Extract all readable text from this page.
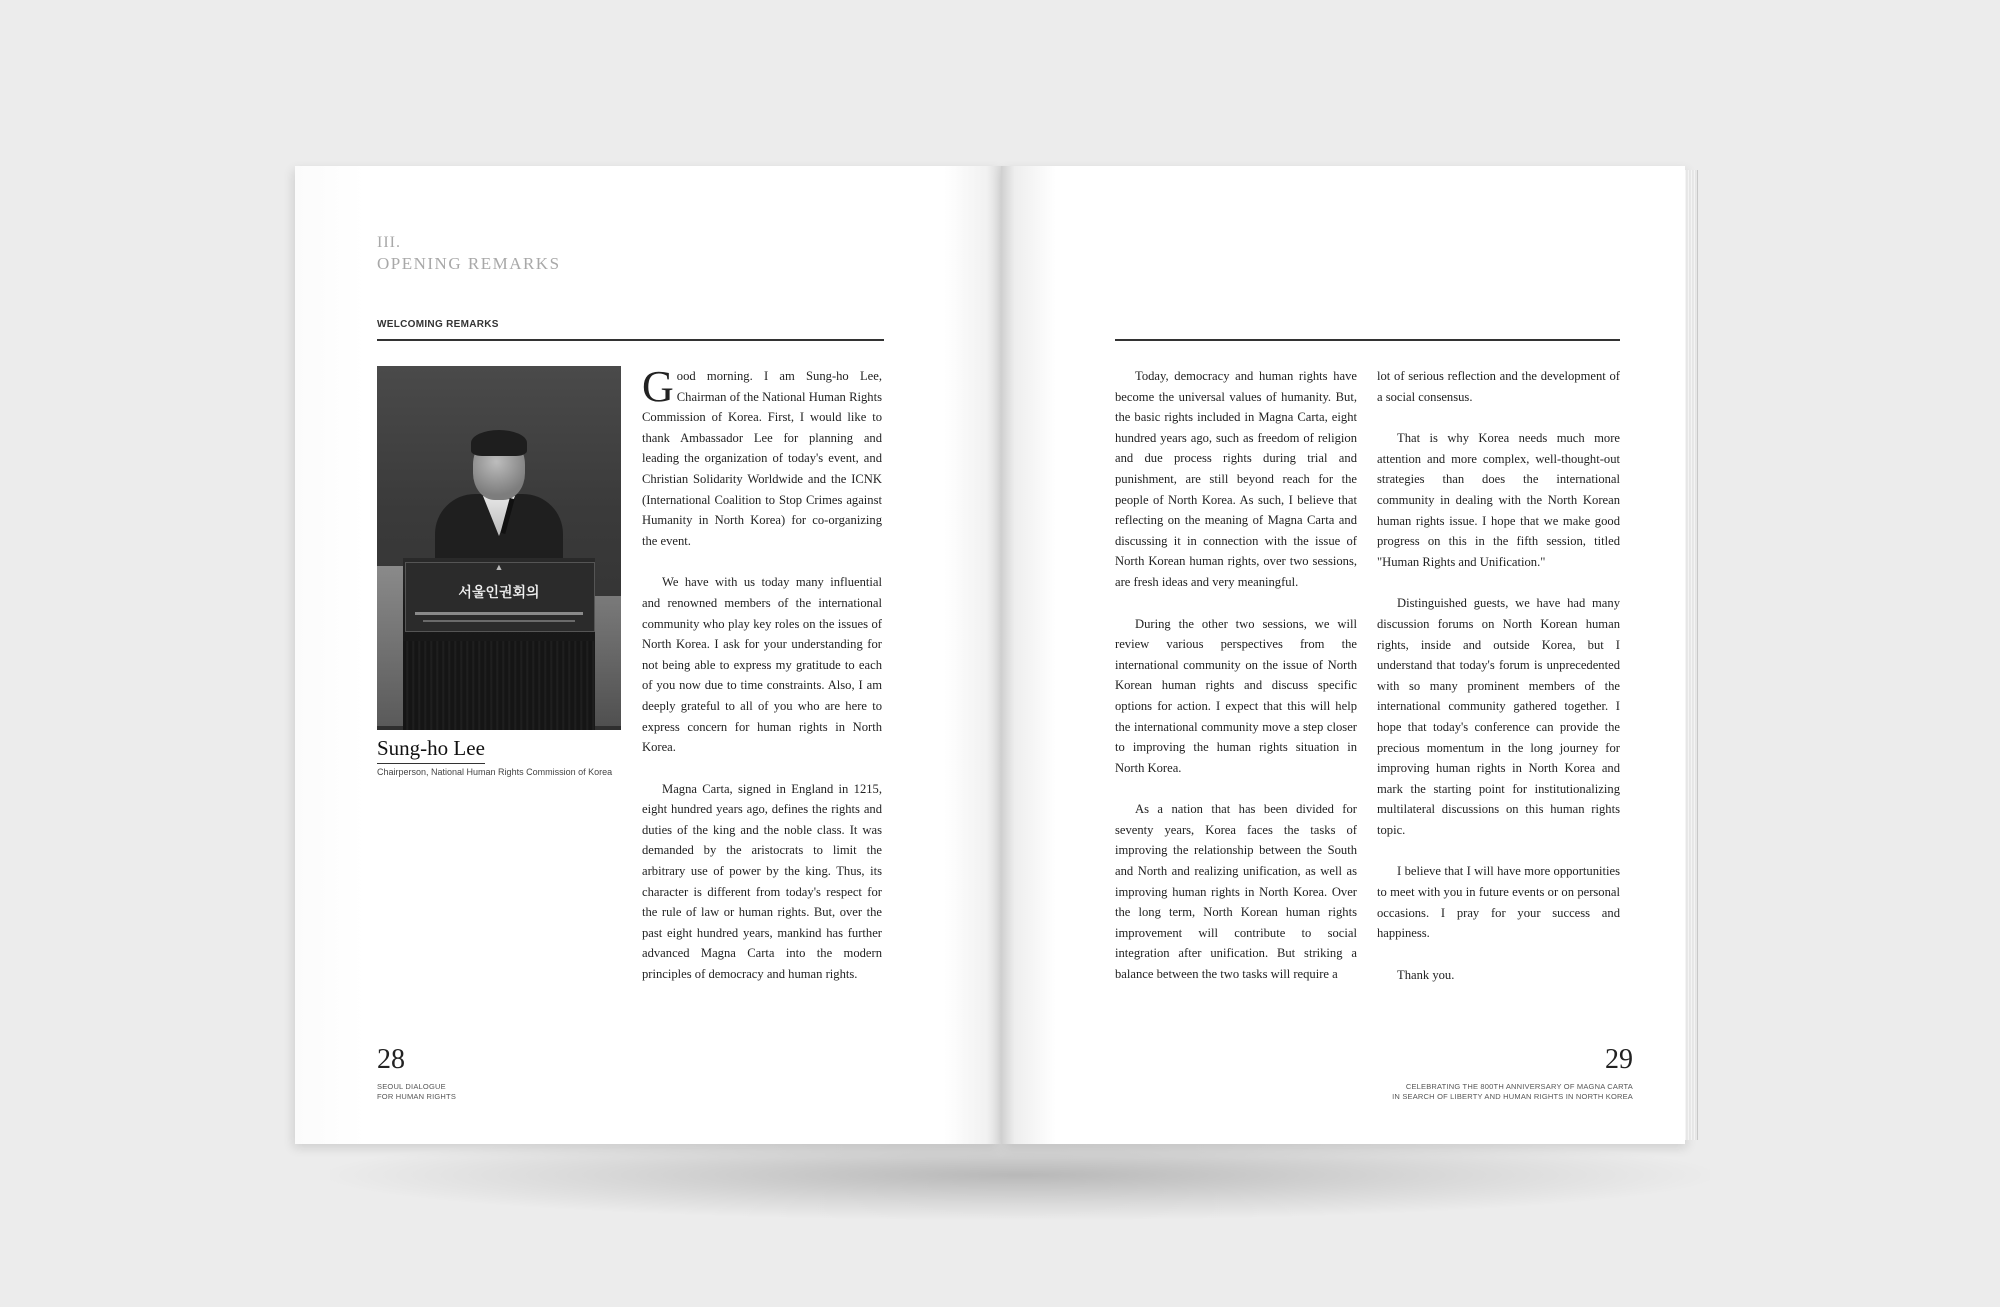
III.
OPENING REMARKS
WELCOMING REMARKS
▲
서울인권회의
Sung-ho Lee
Chairperson, National Human Rights Commission of Korea

Good morning. I am Sung-ho Lee, Chairman of the National Human Rights Commission of Korea. First, I would like to thank Ambassador Lee for planning and leading the organization of today's event, and Christian Solidarity Worldwide and the ICNK (International Coalition to Stop Crimes against Humanity in North Korea) for co-organizing the event.

We have with us today many influential and renowned members of the international community who play key roles on the issues of North Korea. I ask for your understanding for not being able to express my gratitude to each of you now due to time constraints. Also, I am deeply grateful to all of you who are here to express concern for human rights in North Korea.

Magna Carta, signed in England in 1215, eight hundred years ago, defines the rights and duties of the king and the noble class. It was demanded by the aristocrats to limit the arbitrary use of power by the king. Thus, its character is different from today's respect for the rule of law or human rights. But, over the past eight hundred years, mankind has further advanced Magna Carta into the modern principles of democracy and human rights.

28
SEOUL DIALOGUE
FOR HUMAN RIGHTS

Today, democracy and human rights have become the universal values of humanity. But, the basic rights included in Magna Carta, eight hundred years ago, such as freedom of religion and due process rights during trial and punishment, are still beyond reach for the people of North Korea. As such, I believe that reflecting on the meaning of Magna Carta and discussing it in connection with the issue of North Korean human rights, over two sessions, are fresh ideas and very meaningful.

During the other two sessions, we will review various perspectives from the international community on the issue of North Korean human rights and discuss specific options for action. I expect that this will help the international community move a step closer to improving the human rights situation in North Korea.

As a nation that has been divided for seventy years, Korea faces the tasks of improving the relationship between the South and North and realizing unification, as well as improving human rights in North Korea. Over the long term, North Korean human rights improvement will contribute to social integration after unification. But striking a balance between the two tasks will require a

lot of serious reflection and the development of a social consensus.

That is why Korea needs much more attention and more complex, well-thought-out strategies than does the international community in dealing with the North Korean human rights issue. I hope that we make good progress on this in the fifth session, titled "Human Rights and Unification."

Distinguished guests, we have had many discussion forums on North Korean human rights, inside and outside Korea, but I understand that today's forum is unprecedented with so many prominent members of the international community gathered together. I hope that today's conference can provide the precious momentum in the long journey for improving human rights in North Korea and mark the starting point for institutionalizing multilateral discussions on this human rights topic.

I believe that I will have more opportunities to meet with you in future events or on personal occasions. I pray for your success and happiness.

Thank you.

29
CELEBRATING THE 800TH ANNIVERSARY OF MAGNA CARTA
IN SEARCH OF LIBERTY AND HUMAN RIGHTS IN NORTH KOREA
